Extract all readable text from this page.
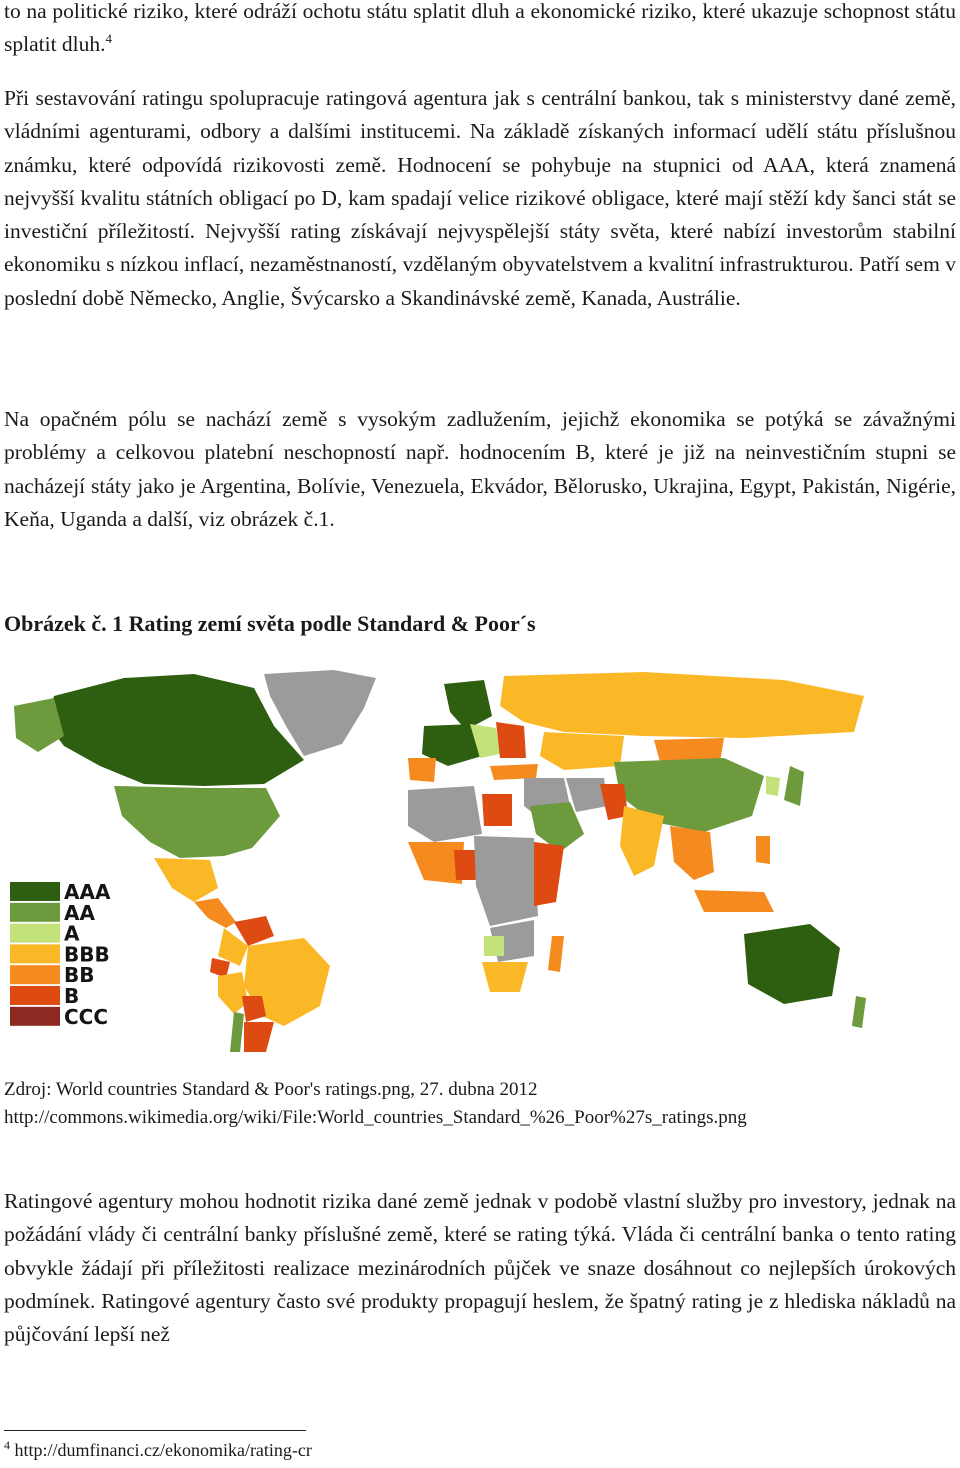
to na politické riziko, které odráží ochotu státu splatit dluh a ekonomické riziko, které ukazuje schopnost státu splatit dluh.$^4$

Při sestavování ratingu spolupracuje ratingová agentura jak s centrální bankou, tak s ministerstvy dané země, vládními agenturami, odbory a dalšími institucemi. Na základě získaných informací udělí státu příslušnou známku, které odpovídá rizikovosti země. Hodnocení se pohybuje na stupnici od AAA, která znamená nejvyšší kvalitu státních obligací po D, kam spadají velice rizikové obligace, které mají stěží kdy šanci stát se investiční příležitostí. Nejvyšší rating získávají nejvyspělejší státy světa, které nabízí investorům stabilní ekonomiku s nízkou inflací, nezaměstnaností, vzdělaným obyvatelstvem a kvalitní infrastrukturou. Patří sem v poslední době Německo, Anglie, Švýcarsko a Skandinávské země, Kanada, Austrálie.

Na opačném pólu se nachází země s vysokým zadlužením, jejichž ekonomika se potýká se závažnými problémy a celkovou platební neschopností např. hodnocením B, které je již na neinvestičním stupni se nacházejí státy jako je Argentina, Bolívie, Venezuela, Ekvádor, Bělorusko, Ukrajina, Egypt, Pakistán, Nigérie, Keňa, Uganda a další, viz obrázek č.1.

Obrázek č. 1 Rating zemí světa podle Standard & Poor´s

AAA
AA
A
BBB
BB
B
CCC

Zdroj: World countries Standard & Poor's ratings.png, 27. dubna 2012
http://commons.wikimedia.org/wiki/File:World_countries_Standard_%26_Poor%27s_ratings.png

Ratingové agentury mohou hodnotit rizika dané země jednak v podobě vlastní služby pro investory, jednak na požádání vlády či centrální banky příslušné země, které se rating týká. Vláda či centrální banka o tento rating obvykle žádají při příležitosti realizace mezinárodních půjček ve snaze dosáhnout co nejlepších úrokových podmínek. Ratingové agentury často své produkty propagují heslem, že špatný rating je z hlediska nákladů na půjčování lepší než

$^4$ http://dumfinanci.cz/ekonomika/rating-cr
